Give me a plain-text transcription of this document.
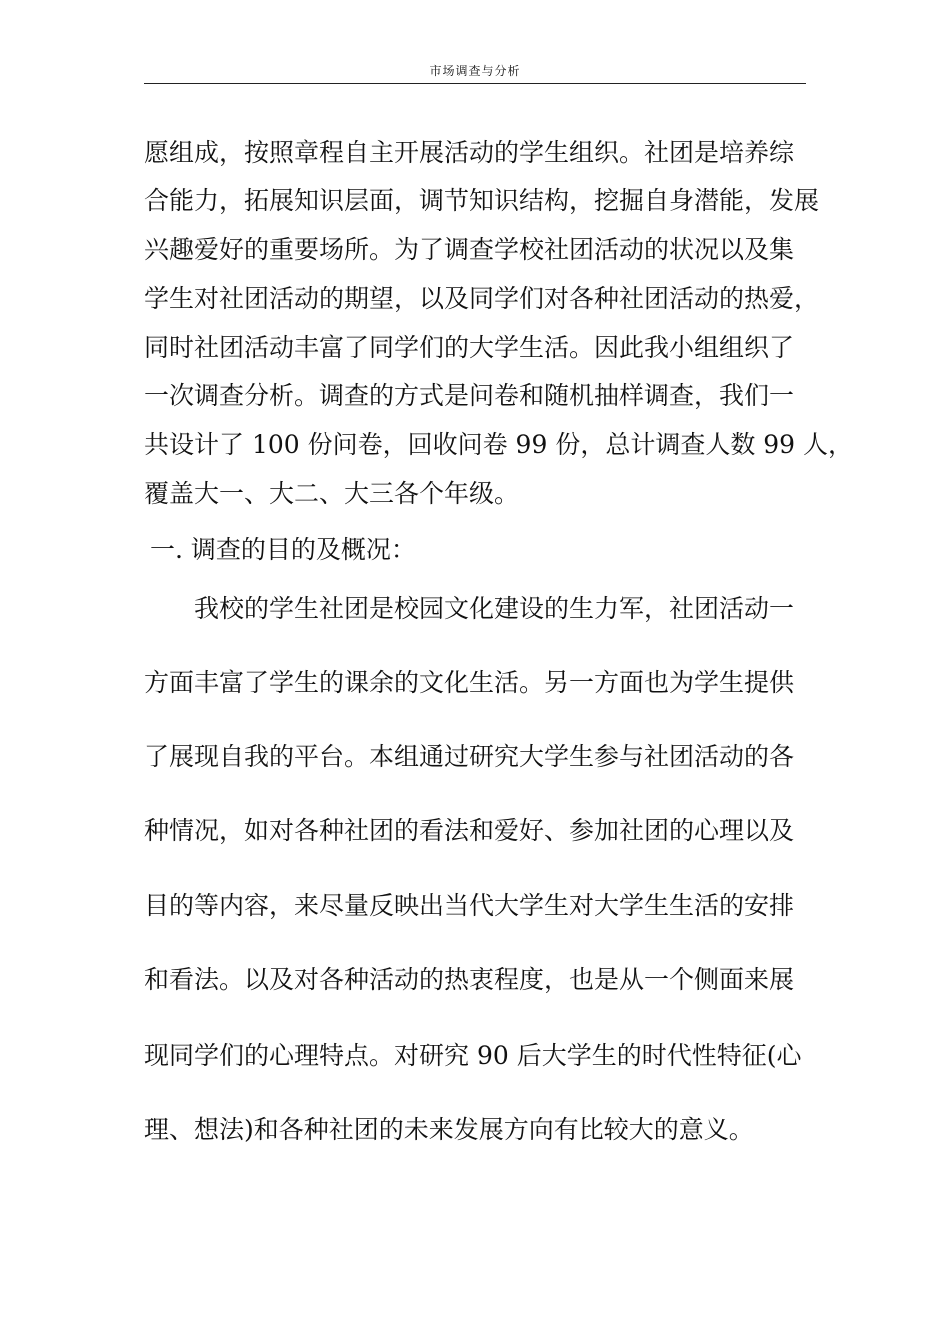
市场调查与分析
愿组成，按照章程自主开展活动的学生组织。社团是培养综
合能力，拓展知识层面，调节知识结构，挖掘自身潜能，发展
兴趣爱好的重要场所。为了调查学校社团活动的状况以及集
学生对社团活动的期望，以及同学们对各种社团活动的热爱，
同时社团活动丰富了同学们的大学生活。因此我小组组织了
一次调查分析。调查的方式是问卷和随机抽样调查，我们一
共设计了 100 份问卷，回收问卷 99 份，总计调查人数 99 人，
覆盖大一、大二、大三各个年级。
一. 调查的目的及概况：
我校的学生社团是校园文化建设的生力军，社团活动一
方面丰富了学生的课余的文化生活。另一方面也为学生提供
了展现自我的平台。本组通过研究大学生参与社团活动的各
种情况，如对各种社团的看法和爱好、参加社团的心理以及
目的等内容，来尽量反映出当代大学生对大学生生活的安排
和看法。以及对各种活动的热衷程度，也是从一个侧面来展
现同学们的心理特点。对研究 90 后大学生的时代性特征(心
理、想法)和各种社团的未来发展方向有比较大的意义。
